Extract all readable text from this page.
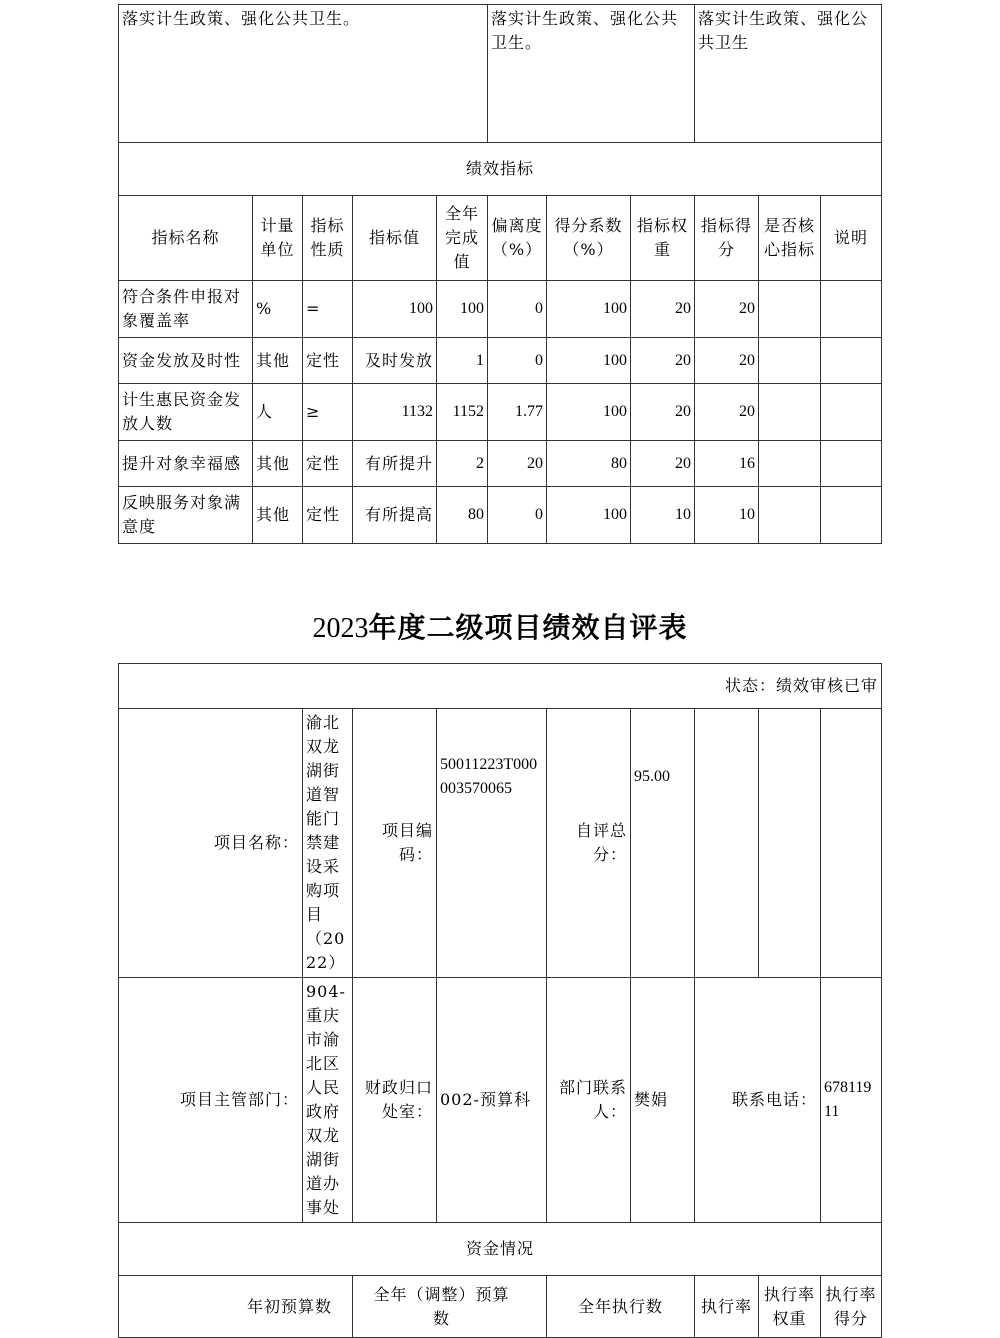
落实计生政策、强化公共卫生。					落实计生政策、强化公共卫生。			落实计生政策、强化公共卫生		
绩效指标										
指标名称	计量单位	指标性质	指标值	全年完成值	偏离度（%）	得分系数（%）	指标权重	指标得分	是否核心指标	说明
符合条件申报对象覆盖率	%	=	100	100	0	100	20	20		
资金发放及时性	其他	定性	及时发放	1	0	100	20	20		
计生惠民资金发放人数	人	≥	1132	1152	1.77	100	20	20		
提升对象幸福感	其他	定性	有所提升	2	20	80	20	16		
反映服务对象满意度	其他	定性	有所提高	80	0	100	10	10		
2023年度二级项目绩效自评表
状态：绩效审核已审								
项目名称：	渝北双龙湖街道智能门禁建设采购项目（2022）	项目编码：	50011223T000003570065	自评总分：	95.00			
项目主管部门：	904-重庆市渝北区人民政府双龙湖街道办事处	财政归口处室：	002-预算科	部门联系人：	樊娟	联系电话：		67811911
资金情况								
年初预算数		全年（调整）预算数		全年执行数		执行率	执行率权重	执行率得分
